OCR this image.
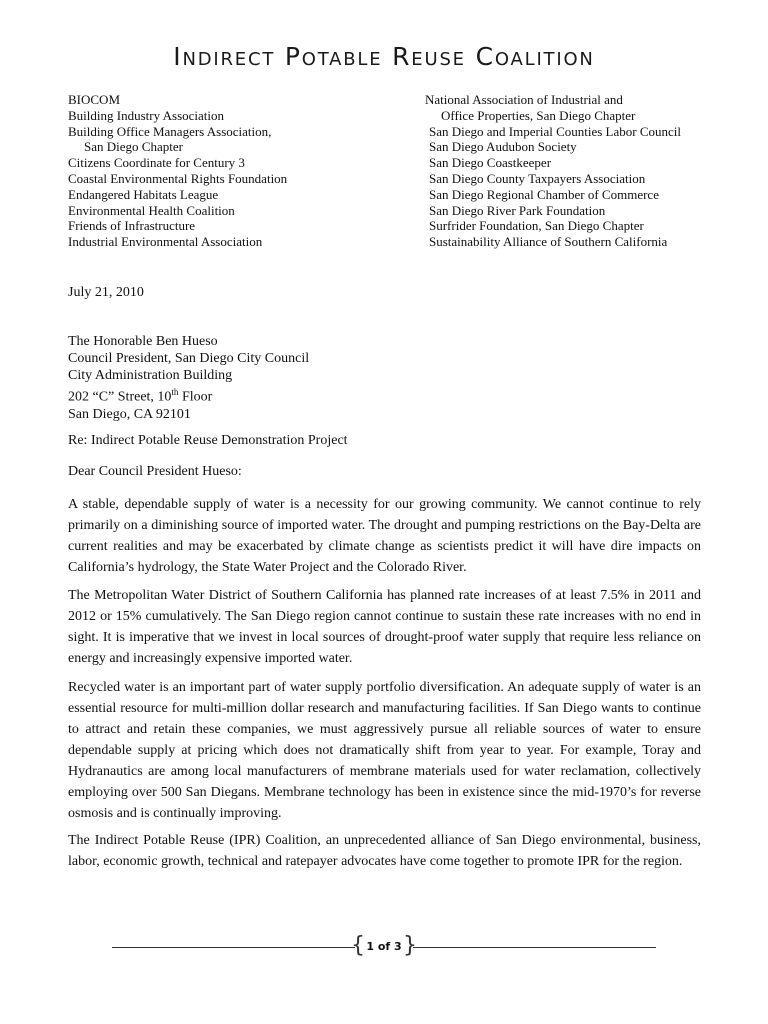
Indirect Potable Reuse Coalition
BIOCOM
Building Industry Association
Building Office Managers Association,
San Diego Chapter
Citizens Coordinate for Century 3
Coastal Environmental Rights Foundation
Endangered Habitats League
Environmental Health Coalition
Friends of Infrastructure
Industrial Environmental Association
National Association of Industrial and
Office Properties, San Diego Chapter
San Diego and Imperial Counties Labor Council
San Diego Audubon Society
San Diego Coastkeeper
San Diego County Taxpayers Association
San Diego Regional Chamber of Commerce
San Diego River Park Foundation
Surfrider Foundation, San Diego Chapter
Sustainability Alliance of Southern California
July 21, 2010
The Honorable Ben Hueso
Council President, San Diego City Council
City Administration Building
202 “C” Street, 10th Floor
San Diego, CA 92101
Re: Indirect Potable Reuse Demonstration Project
Dear Council President Hueso:

A stable, dependable supply of water is a necessity for our growing community. We cannot continue to rely primarily on a diminishing source of imported water. The drought and pumping restrictions on the Bay-Delta are current realities and may be exacerbated by climate change as scientists predict it will have dire impacts on California’s hydrology, the State Water Project and the Colorado River.

The Metropolitan Water District of Southern California has planned rate increases of at least 7.5% in 2011 and 2012 or 15% cumulatively. The San Diego region cannot continue to sustain these rate increases with no end in sight. It is imperative that we invest in local sources of drought-proof water supply that require less reliance on energy and increasingly expensive imported water.

Recycled water is an important part of water supply portfolio diversification. An adequate supply of water is an essential resource for multi-million dollar research and manufacturing facilities. If San Diego wants to continue to attract and retain these companies, we must aggressively pursue all reliable sources of water to ensure dependable supply at pricing which does not dramatically shift from year to year. For example, Toray and Hydranautics are among local manufacturers of membrane materials used for water reclamation, collectively employing over 500 San Diegans. Membrane technology has been in existence since the mid-1970’s for reverse osmosis and is continually improving.

The Indirect Potable Reuse (IPR) Coalition, an unprecedented alliance of San Diego environmental, business, labor, economic growth, technical and ratepayer advocates have come together to promote IPR for the region.

{ 1 of 3 }
